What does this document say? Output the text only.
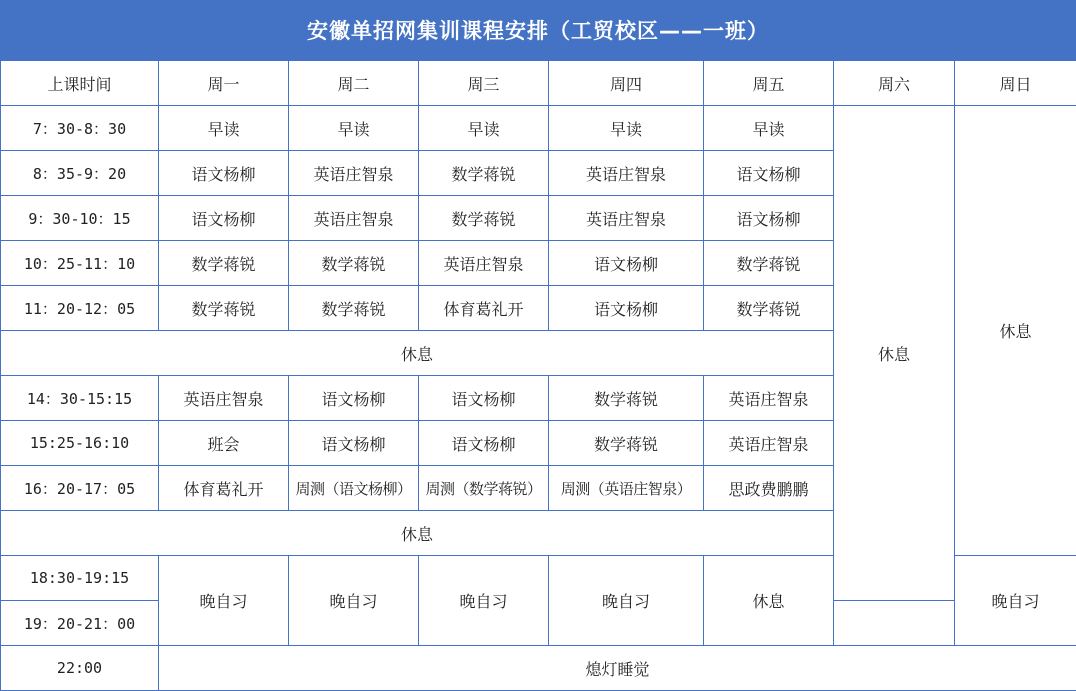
安徽单招网集训课程安排（工贸校区——一班）
上课时间	周一	周二	周三	周四	周五	周六	周日
7：30-8：30	早读	早读	早读	早读	早读	休息	休息
8：35-9：20	语文杨柳	英语庄智泉	数学蒋锐	英语庄智泉	语文杨柳		
9：30-10：15	语文杨柳	英语庄智泉	数学蒋锐	英语庄智泉	语文杨柳		
10：25-11：10	数学蒋锐	数学蒋锐	英语庄智泉	语文杨柳	数学蒋锐		
11：20-12：05	数学蒋锐	数学蒋锐	体育葛礼开	语文杨柳	数学蒋锐		
休息							
14：30-15:15	英语庄智泉	语文杨柳	语文杨柳	数学蒋锐	英语庄智泉		
15:25-16:10	班会	语文杨柳	语文杨柳	数学蒋锐	英语庄智泉		
16：20-17：05	体育葛礼开	周测（语文杨柳）	周测（数学蒋锐）	周测（英语庄智泉）	思政费鹏鹏		
休息							
18:30-19:15	晚自习	晚自习	晚自习	晚自习	休息		晚自习
19：20-21：00							
22:00	熄灯睡觉						
